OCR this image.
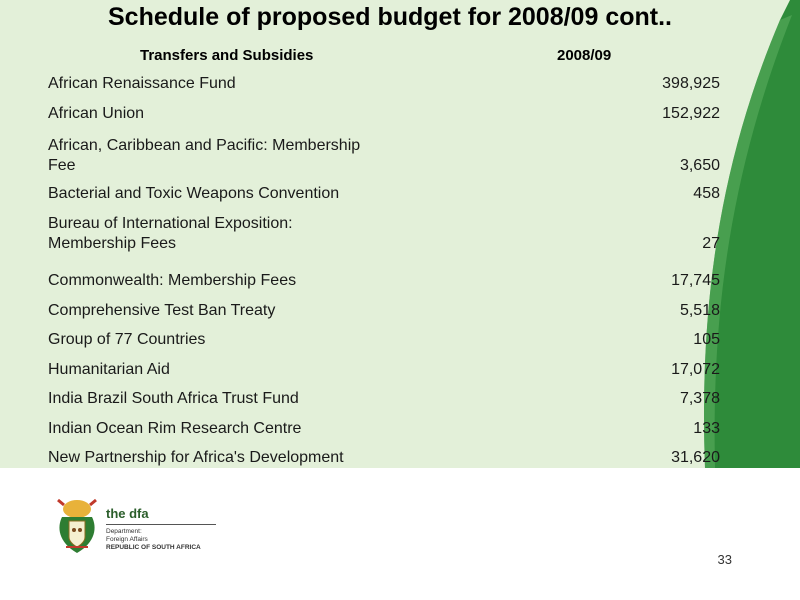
Schedule of proposed budget for 2008/09 cont..
Transfers and Subsidies	2008/09
African Renaissance Fund	398,925
African Union	152,922
African, Caribbean and Pacific: Membership
Fee	3,650
Bacterial and Toxic Weapons Convention	458
Bureau of International Exposition:
Membership Fees	27
Commonwealth: Membership Fees	17,745
Comprehensive Test Ban Treaty	5,518
Group of 77 Countries	105
Humanitarian Aid	17,072
India Brazil South Africa Trust Fund	7,378
Indian Ocean Rim Research Centre	133
New Partnership for Africa's Development	31,620
the dfa
Department:
Foreign Affairs
REPUBLIC OF SOUTH AFRICA
33
